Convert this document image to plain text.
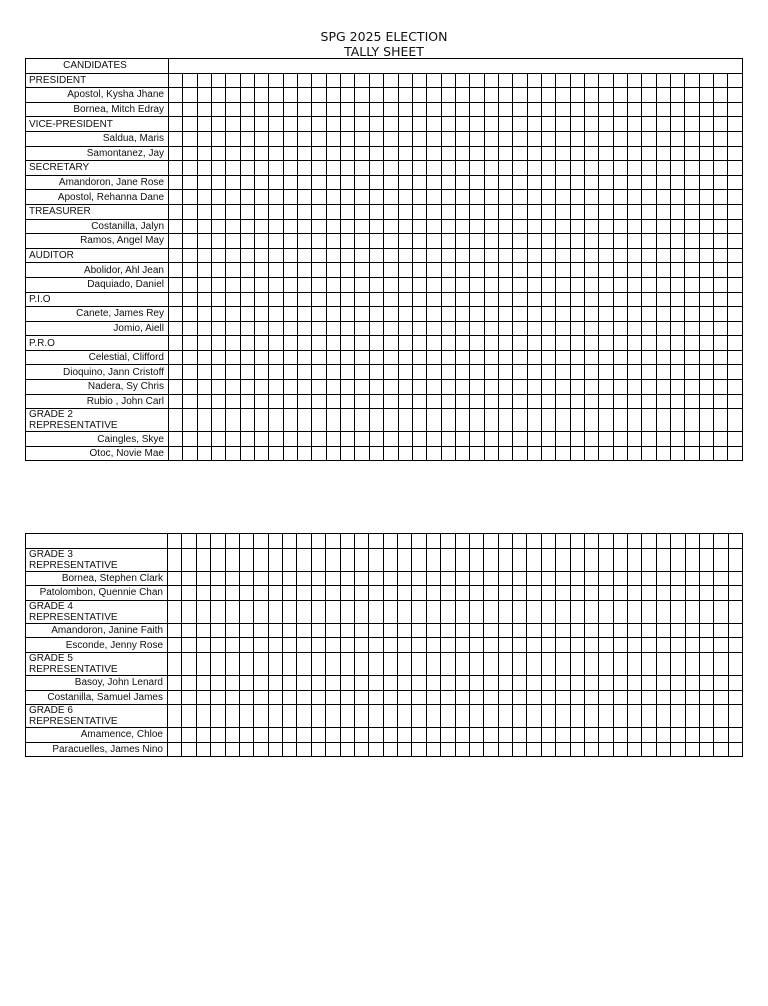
SPG 2025 ELECTION
TALLY SHEET
CANDIDATES																																								
PRESIDENT																																								
Apostol, Kysha Jhane																																								
Bornea, Mitch Edray																																								
VICE-PRESIDENT																																								
Saldua, Maris																																								
Samontanez, Jay																																								
SECRETARY																																								
Amandoron, Jane Rose																																								
Apostol, Rehanna Dane																																								
TREASURER																																								
Costanilla, Jalyn																																								
Ramos, Angel May																																								
AUDITOR																																								
Abolidor, Ahl Jean																																								
Daquiado, Daniel																																								
P.I.O																																								
Canete, James Rey																																								
Jomio, Aiell																																								
P.R.O																																								
Celestial, Clifford																																								
Dioquino, Jann Cristoff																																								
Nadera, Sy Chris																																								
Rubio , John Carl																																								
GRADE 2
REPRESENTATIVE																																								
Caingles, Skye																																								
Otoc, Novie Mae																																								

GRADE 3
REPRESENTATIVE																																								
Bornea, Stephen Clark																																								
Patolombon, Quennie Chan																																								
GRADE 4
REPRESENTATIVE																																								
Amandoron, Janine Faith																																								
Esconde, Jenny Rose																																								
GRADE 5
REPRESENTATIVE																																								
Basoy, John Lenard																																								
Costanilla, Samuel James																																								
GRADE 6
REPRESENTATIVE																																								
Amamence, Chloe																																								
Paracuelles, James Nino																																								
